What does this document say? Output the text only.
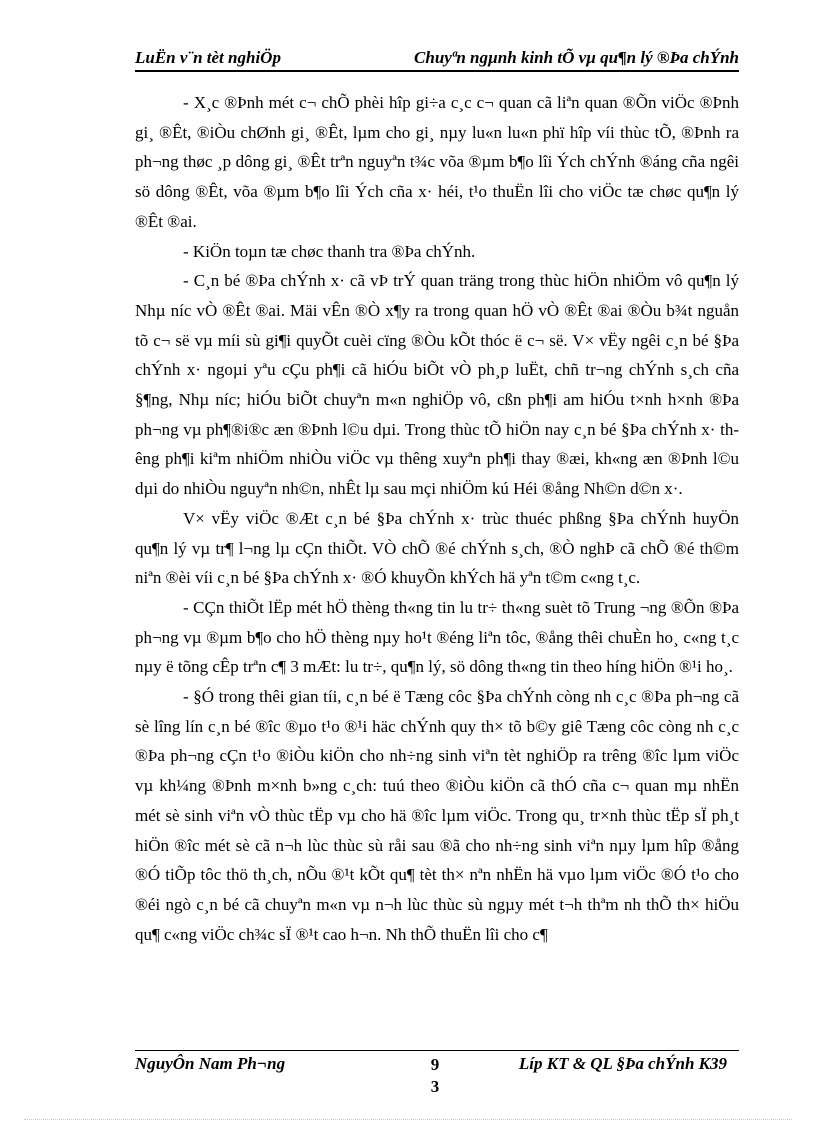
LuËn v¨n tèt nghiÖp	Chuyªn ngµnh kinh tÕ vµ qu¶n lý ®Þa chÝnh

- X¸c ®Þnh mét c¬ chÕ phèi hîp gi÷a c¸c c¬ quan cã liªn quan ®Õn viÖc ®Þnh gi¸ ®Êt, ®iÒu chØnh gi¸ ®Êt, lµm cho gi¸ nµy lu«n lu«n phï hîp víi thùc tÕ, ®Þnh ra ph¬ng thøc ¸p dông gi¸ ®Êt trªn nguyªn t¾c võa ®µm b¶o lîi Ých chÝnh ®áng cña ngêi sö dông ®Êt, võa ®µm b¶o lîi Ých cña x· héi, t¹o thuËn lîi cho viÖc tæ chøc qu¶n lý ®Êt ®ai.

- KiÖn toµn tæ chøc thanh tra ®Þa chÝnh.

- C¸n bé ®Þa chÝnh x· cã vÞ trÝ quan träng trong thùc hiÖn nhiÖm vô qu¶n lý Nhµ níc vÒ ®Êt ®ai. Mäi vÊn ®Ò x¶y ra trong quan hÖ vÒ ®Êt ®ai ®Òu b¾t nguån tõ c¬ së vµ míi sù gi¶i quyÕt cuèi cïng ®Òu kÕt thóc ë c¬ së. V× vËy ngêi c¸n bé §Þa chÝnh x· ngoµi yªu cÇu ph¶i cã hiÓu biÕt vÒ ph¸p luËt, chñ tr¬ng chÝnh s¸ch cña §¶ng, Nhµ níc; hiÓu biÕt chuyªn m«n nghiÖp vô, cßn ph¶i am hiÓu t×nh h×nh ®Þa ph¬ng vµ ph¶®i®c æn ®Þnh l©u dµi. Trong thùc tÕ hiÖn nay c¸n bé §Þa chÝnh x· thêng ph¶i kiªm nhiÖm nhiÒu viÖc vµ thêng xuyªn ph¶i thay ®æi, kh«ng æn ®Þnh l©u dµi do nhiÒu nguyªn nh©n, nhÊt lµ sau mçi nhiÖm kú Héi ®ång Nh©n d©n x·.

V× vËy viÖc ®Æt c¸n bé §Þa chÝnh x· trùc thuéc phßng §Þa chÝnh huyÖn qu¶n lý vµ tr¶ l¬ng lµ cÇn thiÕt. VÒ chÕ ®é chÝnh s¸ch, ®Ò nghÞ cã chÕ ®é th©m niªn ®èi víi c¸n bé §Þa chÝnh x· ®Ó khuyÕn khÝch hä yªn t©m c«ng t¸c.

- CÇn thiÕt lËp mét hÖ thèng th«ng tin lu tr÷ th«ng suèt tõ Trung ¬ng ®Õn ®Þa ph¬ng vµ ®µm b¶o cho hÖ thèng nµy ho¹t ®éng liªn tôc, ®ång thêi chuÈn ho¸ c«ng t¸c nµy ë tõng cÊp trªn c¶ 3 mÆt: lu tr÷, qu¶n lý, sö dông th«ng tin theo híng hiÖn ®¹i ho¸.

- §Ó trong thêi gian tíi, c¸n bé ë Tæng côc §Þa chÝnh còng nh c¸c ®Þa ph¬ng cã sè lîng lín c¸n bé ®îc ®µo t¹o ®¹i häc chÝnh quy th× tõ b©y giê Tæng côc còng nh c¸c ®Þa ph¬ng cÇn t¹o ®iÒu kiÖn cho nh÷ng sinh viªn tèt nghiÖp ra trêng ®îc lµm viÖc vµ kh¼ng ®Þnh m×nh b»ng c¸ch: tuú theo ®iÒu kiÖn cã thÓ cña c¬ quan mµ nhËn mét sè sinh viªn vÒ thùc tËp vµ cho hä ®îc lµm viÖc. Trong qu¸ tr×nh thùc tËp sÏ ph¸t hiÖn ®îc mét sè cã n¬h lùc thùc sù råi sau ®ã cho nh÷ng sinh viªn nµy lµm hîp ®ång ®Ó tiÕp tôc thö th¸ch, nÕu ®¹t kÕt qu¶ tèt th× nªn nhËn hä vµo lµm viÖc ®Ó t¹o cho ®éi ngò c¸n bé cã chuyªn m«n vµ n¬h lùc thùc sù ngµy mét t¬h thªm nh thÕ th× hiÖu qu¶ c«ng viÖc ch¾c sÏ ®¹t cao h¬n. Nh thÕ thuËn lîi cho c¶

NguyÔn Nam Ph¬ng	Líp KT & QL §Þa chÝnh K39
9
3
